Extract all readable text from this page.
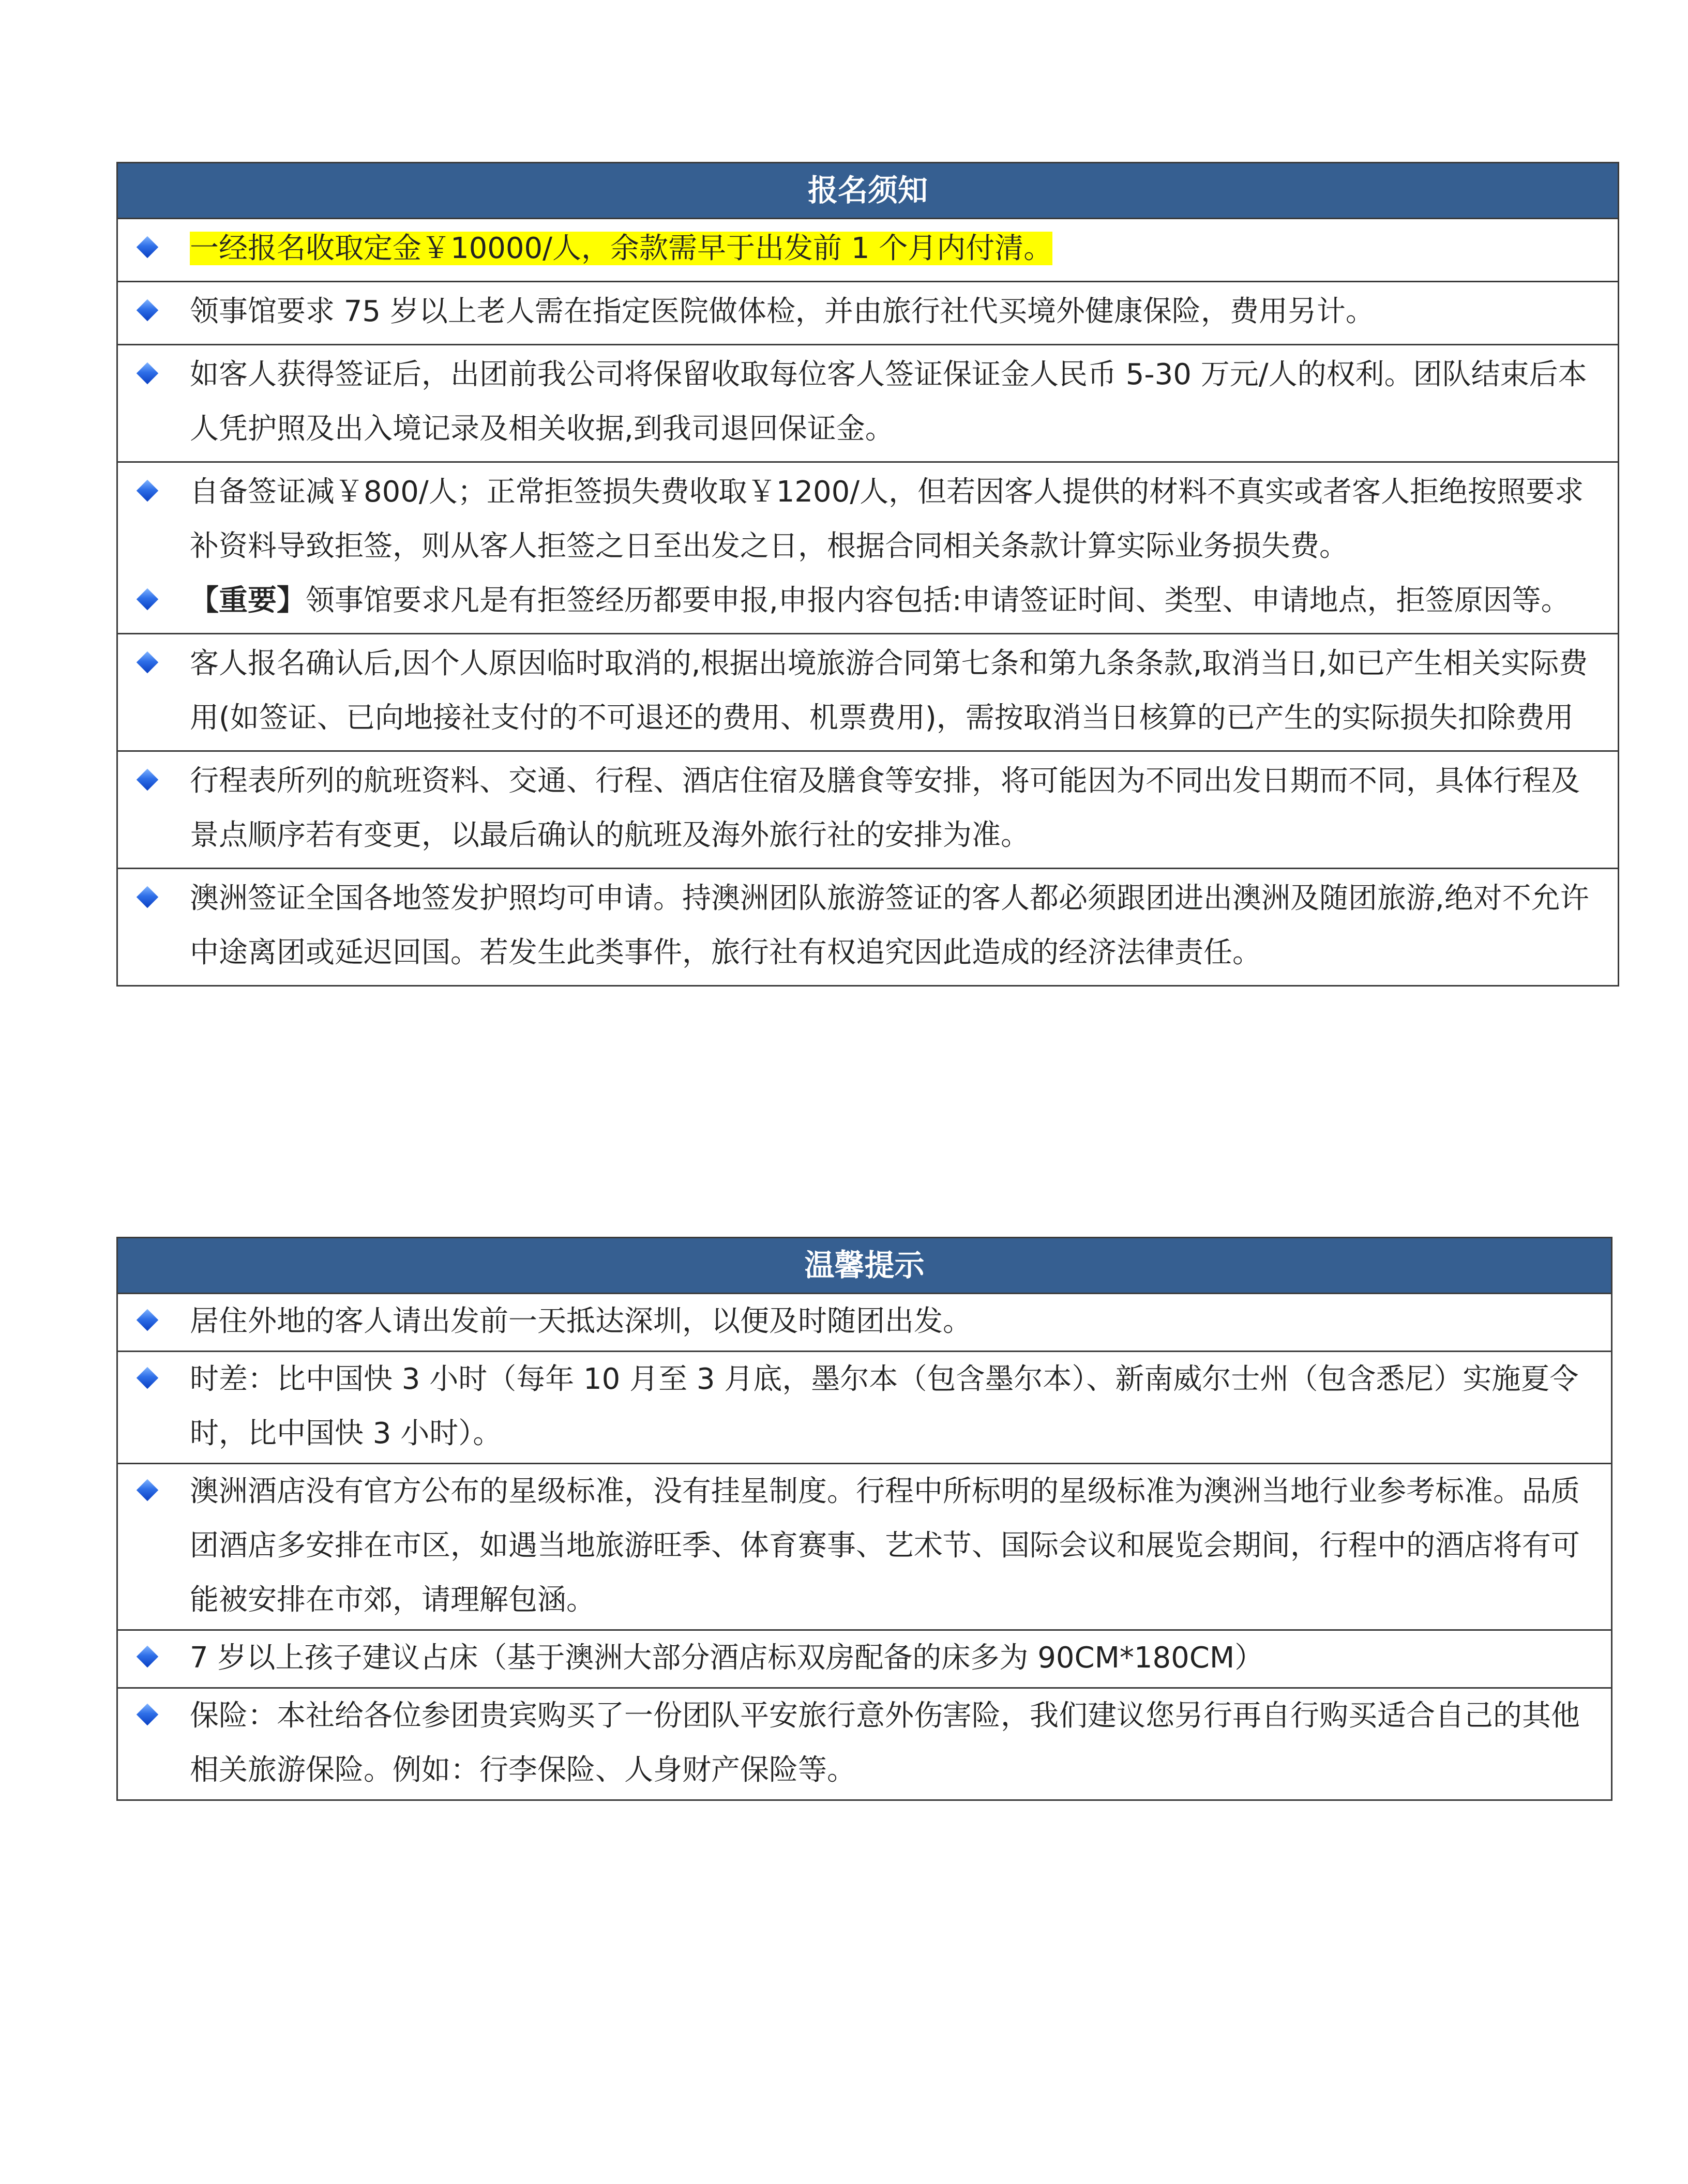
报名须知
一经报名收取定金￥10000/人，余款需早于出发前 1 个月内付清。
领事馆要求 75 岁以上老人需在指定医院做体检，并由旅行社代买境外健康保险，费用另计。
如客人获得签证后，出团前我公司将保留收取每位客人签证保证金人民币 5-30 万元/人的权利。团队结束后本人凭护照及出入境记录及相关收据,到我司退回保证金。
自备签证减￥800/人；正常拒签损失费收取￥1200/人，但若因客人提供的材料不真实或者客人拒绝按照要求补资料导致拒签，则从客人拒签之日至出发之日，根据合同相关条款计算实际业务损失费。
【重要】领事馆要求凡是有拒签经历都要申报,申报内容包括:申请签证时间、类型、申请地点，拒签原因等。
客人报名确认后,因个人原因临时取消的,根据出境旅游合同第七条和第九条条款,取消当日,如已产生相关实际费用(如签证、已向地接社支付的不可退还的费用、机票费用)，需按取消当日核算的已产生的实际损失扣除费用
行程表所列的航班资料、交通、行程、酒店住宿及膳食等安排，将可能因为不同出发日期而不同，具体行程及景点顺序若有变更，以最后确认的航班及海外旅行社的安排为准。
澳洲签证全国各地签发护照均可申请。持澳洲团队旅游签证的客人都必须跟团进出澳洲及随团旅游,绝对不允许中途离团或延迟回国。若发生此类事件，旅行社有权追究因此造成的经济法律责任。
温馨提示
居住外地的客人请出发前一天抵达深圳，以便及时随团出发。
时差：比中国快 3 小时（每年 10 月至 3 月底，墨尔本（包含墨尔本）、新南威尔士州（包含悉尼）实施夏令时，比中国快 3 小时）。
澳洲酒店没有官方公布的星级标准，没有挂星制度。行程中所标明的星级标准为澳洲当地行业参考标准。品质团酒店多安排在市区，如遇当地旅游旺季、体育赛事、艺术节、国际会议和展览会期间，行程中的酒店将有可能被安排在市郊，请理解包涵。
7 岁以上孩子建议占床（基于澳洲大部分酒店标双房配备的床多为 90CM*180CM）
保险：本社给各位参团贵宾购买了一份团队平安旅行意外伤害险，我们建议您另行再自行购买适合自己的其他相关旅游保险。例如：行李保险、人身财产保险等。
